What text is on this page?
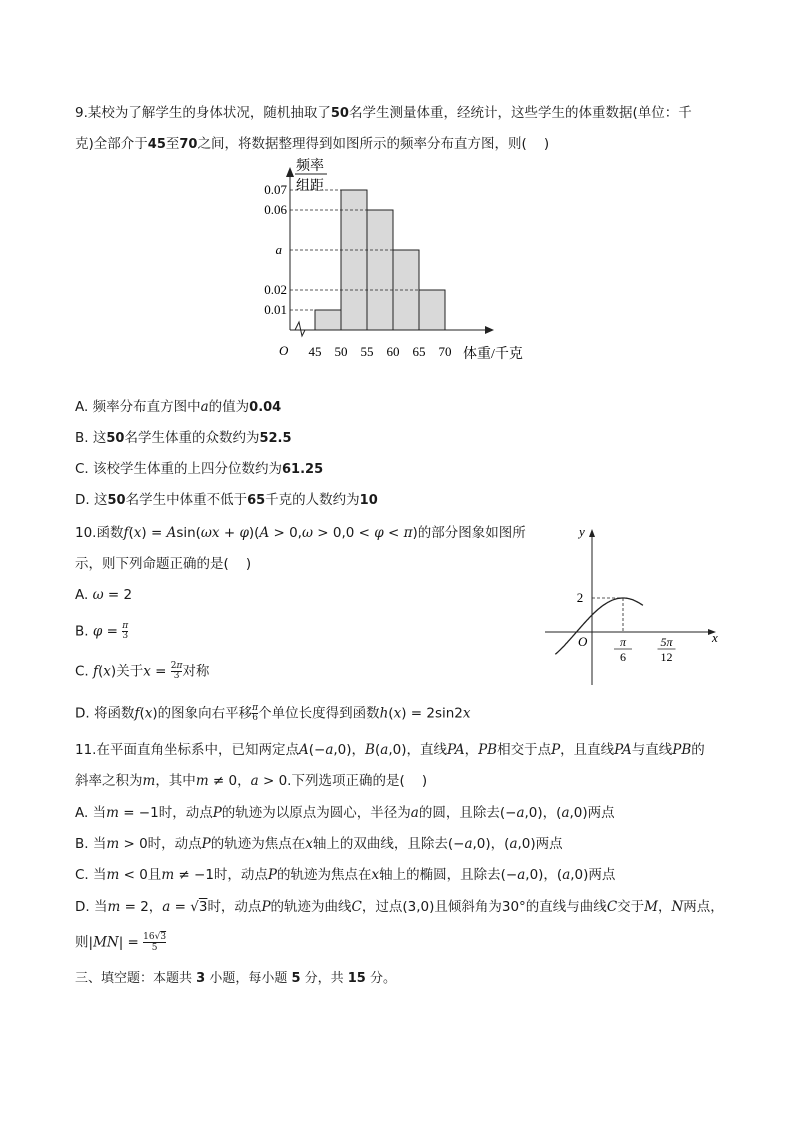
9.某校为了解学生的身体状况，随机抽取了50名学生测量体重，经统计，这些学生的体重数据(单位：千
克)全部介于45至70之间，将数据整理得到如图所示的频率分布直方图，则(    )
频率
组距
O
0.01
0.02
a
0.06
0.07
45 50 55 60 65 70 体重/千克
A. 频率分布直方图中a的值为0.04
B. 这50名学生体重的众数约为52.5
C. 该校学生体重的上四分位数约为61.25
D. 这50名学生中体重不低于65千克的人数约为10
10.函数f(x) = Asin(ωx + φ)(A > 0,ω > 0,0 < φ < π)的部分图象如图所
示，则下列命题正确的是(    )
A. ω = 2
B. $\varphi = \frac{\pi}{3}$
C. f(x)关于$x = \frac{2\pi}{3}$ 对称
D. 将函数f(x)的图象向右平移 $\frac{\pi}{6}$ 个单位长度得到函数h(x) = 2sin2x
x
y
O
2
π
6
5π
12
11.在平面直角坐标系中，已知两定点A(−a,0)，B(a,0)，直线PA，PB相交于点P，且直线PA与直线PB的
斜率之积为m，其中m ≠ 0，a > 0.下列选项正确的是(    )
A. 当m = −1时，动点P的轨迹为以原点为圆心，半径为a的圆，且除去(−a,0)，(a,0)两点
B. 当m > 0时，动点P的轨迹为焦点在x轴上的双曲线，且除去(−a,0)，(a,0)两点
C. 当m < 0且m ≠ −1时，动点P的轨迹为焦点在x轴上的椭圆，且除去(−a,0)，(a,0)两点
D. 当m = 2，a = √3时，动点P的轨迹为曲线C，过点(3,0)且倾斜角为30°的直线与曲线C交于M，N两点，
则$|MN| = \frac{16√3}{5}$
三、填空题：本题共 3 小题，每小题 5 分，共 15 分。
